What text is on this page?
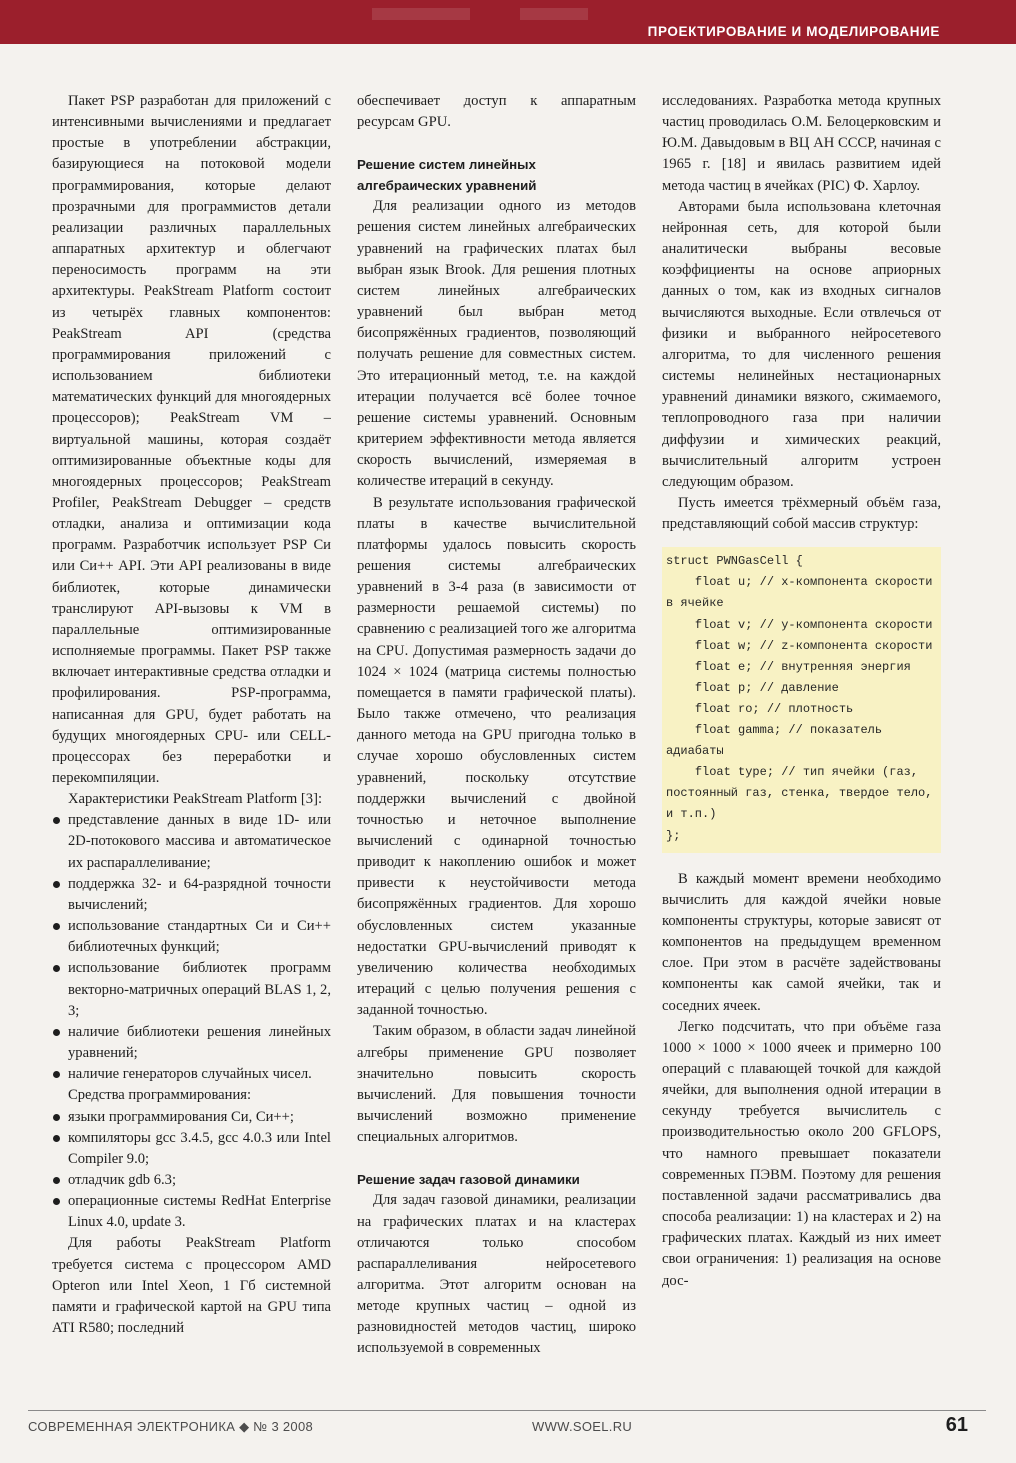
ПРОЕКТИРОВАНИЕ И МОДЕЛИРОВАНИЕ

Пакет PSP разработан для приложений с интенсивными вычислениями и предлагает простые в употреблении абстракции, базирующиеся на потоковой модели программирования, которые делают прозрачными для программистов детали реализации различных параллельных аппаратных архитектур и облегчают переносимость программ на эти архитектуры. PeakStream Platform состоит из четырёх главных компонентов: PeakStream API (средства программирования приложений с использованием библиотеки математических функций для многоядерных процессоров); PeakStream VM – виртуальной машины, которая создаёт оптимизированные объектные коды для многоядерных процессоров; PeakStream Profiler, PeakStream Debugger – средств отладки, анализа и оптимизации кода программ. Разработчик использует PSP Си или Си++ API. Эти API реализованы в виде библиотек, которые динамически транслируют API-вызовы к VM в параллельные оптимизированные исполняемые программы. Пакет PSP также включает интерактивные средства отладки и профилирования. PSP-программа, написанная для GPU, будет работать на будущих многоядерных CPU- или CELL-процессорах без переработки и перекомпиляции.

Характеристики PeakStream Platform [3]:

представление данных в виде 1D- или 2D-потокового массива и автоматическое их распараллеливание;
поддержка 32- и 64-разрядной точности вычислений;
использование стандартных Си и Си++ библиотечных функций;
использование библиотек программ векторно-матричных операций BLAS 1, 2, 3;
наличие библиотеки решения линейных уравнений;
наличие генераторов случайных чисел.

Средства программирования:

языки программирования Си, Си++;
компиляторы gcc 3.4.5, gcc 4.0.3 или Intel Compiler 9.0;
отладчик gdb 6.3;
операционные системы RedHat Enterprise Linux 4.0, update 3.

Для работы PeakStream Platform требуется система с процессором AMD Opteron или Intel Xeon, 1 Гб системной памяти и графической картой на GPU типа ATI R580; последний

обеспечивает доступ к аппаратным ресурсам GPU.

Решение систем линейных алгебраических уравнений

Для реализации одного из методов решения систем линейных алгебраических уравнений на графических платах был выбран язык Brook. Для решения плотных систем линейных алгебраических уравнений был выбран метод бисопряжённых градиентов, позволяющий получать решение для совместных систем. Это итерационный метод, т.е. на каждой итерации получается всё более точное решение системы уравнений. Основным критерием эффективности метода является скорость вычислений, измеряемая в количестве итераций в секунду.

В результате использования графической платы в качестве вычислительной платформы удалось повысить скорость решения системы алгебраических уравнений в 3-4 раза (в зависимости от размерности решаемой системы) по сравнению с реализацией того же алгоритма на CPU. Допустимая размерность задачи до 1024 × 1024 (матрица системы полностью помещается в памяти графической платы). Было также отмечено, что реализация данного метода на GPU пригодна только в случае хорошо обусловленных систем уравнений, поскольку отсутствие поддержки вычислений с двойной точностью и неточное выполнение вычислений с одинарной точностью приводит к накоплению ошибок и может привести к неустойчивости метода бисопряжённых градиентов. Для хорошо обусловленных систем указанные недостатки GPU-вычислений приводят к увеличению количества необходимых итераций с целью получения решения с заданной точностью.

Таким образом, в области задач линейной алгебры применение GPU позволяет значительно повысить скорость вычислений. Для повышения точности вычислений возможно применение специальных алгоритмов.

Решение задач газовой динамики

Для задач газовой динамики, реализации на графических платах и на кластерах отличаются только способом распараллеливания нейросетевого алгоритма. Этот алгоритм основан на методе крупных частиц – одной из разновидностей методов частиц, широко используемой в современных

исследованиях. Разработка метода крупных частиц проводилась О.М. Белоцерковским и Ю.М. Давыдовым в ВЦ АН СССР, начиная с 1965 г. [18] и явилась развитием идей метода частиц в ячейках (PIC) Ф. Харлоу.

Авторами была использована клеточная нейронная сеть, для которой были аналитически выбраны весовые коэффициенты на основе априорных данных о том, как из входных сигналов вычисляются выходные. Если отвлечься от физики и выбранного нейросетевого алгоритма, то для численного решения системы нелинейных нестационарных уравнений динамики вязкого, сжимаемого, теплопроводного газа при наличии диффузии и химических реакций, вычислительный алгоритм устроен следующим образом.

Пусть имеется трёхмерный объём газа, представляющий собой массив структур:

struct PWNGasCell {
float u; // x-компонента скорости в ячейке
float v; // y-компонента скорости
float w; // z-компонента скорости
float e; // внутренняя энергия
float p; // давление
float ro; // плотность
float gamma; // показатель адиабаты
float type; // тип ячейки (газ, постоянный газ, стенка, твердое тело, и т.п.)
};

В каждый момент времени необходимо вычислить для каждой ячейки новые компоненты структуры, которые зависят от компонентов на предыдущем временном слое. При этом в расчёте задействованы компоненты как самой ячейки, так и соседних ячеек.

Легко подсчитать, что при объёме газа 1000 × 1000 × 1000 ячеек и примерно 100 операций с плавающей точкой для каждой ячейки, для выполнения одной итерации в секунду требуется вычислитель с производительностью около 200 GFLOPS, что намного превышает показатели современных ПЭВМ. Поэтому для решения поставленной задачи рассматривались два способа реализации: 1) на кластерах и 2) на графических платах. Каждый из них имеет свои ограничения: 1) реализация на основе дос-

СОВРЕМЕННАЯ ЭЛЕКТРОНИКА ◆ № 3 2008	WWW.SOEL.RU	61
